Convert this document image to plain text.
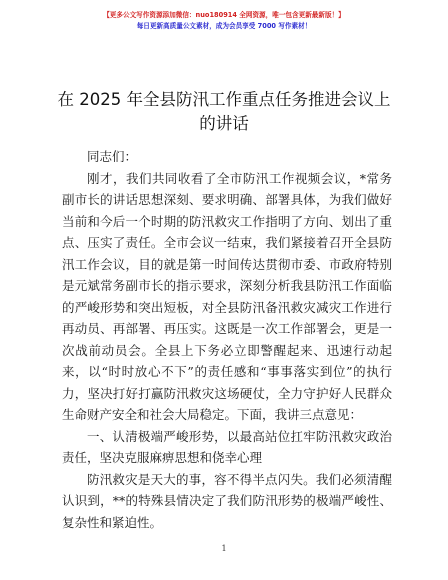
【更多公文写作资源添加微信：nuo180914 全网资源，唯一包含更新最新版！】
每日更新高质量公文素材，成为会员享受 7000 写作素材！
在 2025 年全县防汛工作重点任务推进会议上的讲话

同志们：

刚才，我们共同收看了全市防汛工作视频会议，*常务副市长的讲话思想深刻、要求明确、部署具体，为我们做好当前和今后一个时期的防汛救灾工作指明了方向、划出了重点、压实了责任。全市会议一结束，我们紧接着召开全县防汛工作会议，目的就是第一时间传达贯彻市委、市政府特别是元斌常务副市长的指示要求，深刻分析我县防汛工作面临的严峻形势和突出短板，对全县防汛备汛救灾减灾工作进行再动员、再部署、再压实。这既是一次工作部署会，更是一次战前动员会。全县上下务必立即警醒起来、迅速行动起来，以“时时放心不下”的责任感和“事事落实到位”的执行力，坚决打好打赢防汛救灾这场硬仗，全力守护好人民群众生命财产安全和社会大局稳定。下面，我讲三点意见：

一、认清极端严峻形势，以最高站位扛牢防汛救灾政治责任，坚决克服麻痹思想和侥幸心理

防汛救灾是天大的事，容不得半点闪失。我们必须清醒认识到，**的特殊县情决定了我们防汛形势的极端严峻性、复杂性和紧迫性。

1
